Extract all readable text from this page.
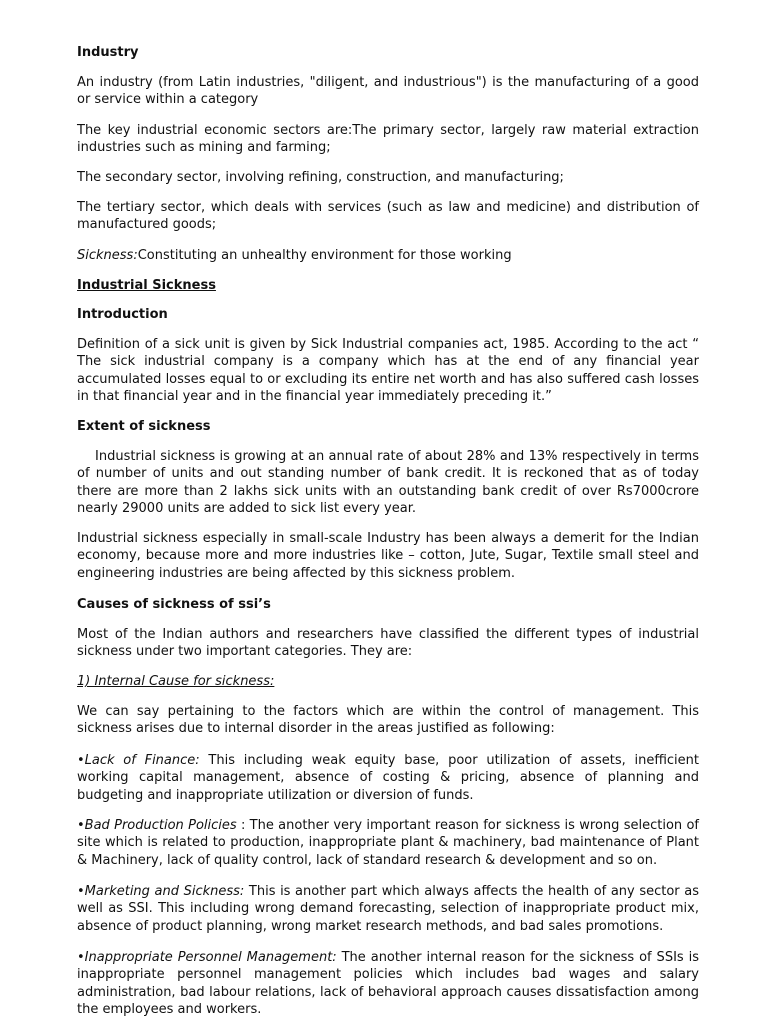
Industry

An industry (from Latin industries, "diligent, and industrious") is the manufacturing of a good or service within a category

The key industrial economic sectors are:The primary sector, largely raw material extraction industries such as mining and farming;

The secondary sector, involving refining, construction, and manufacturing;

The tertiary sector, which deals with services (such as law and medicine) and distribution of manufactured goods;

Sickness:Constituting an unhealthy environment for those working

Industrial Sickness

Introduction

Definition of a sick unit is given by Sick Industrial companies act, 1985. According to the act “ The sick industrial company is a company which has at the end of any financial year accumulated losses equal to or excluding its entire net worth and has also suffered cash losses in that financial year and in the financial year immediately preceding it.”

Extent of sickness

Industrial sickness is growing at an annual rate of about 28% and 13% respectively in terms of number of units and out standing number of bank credit. It is reckoned that as of today there are more than 2 lakhs sick units with an outstanding bank credit of over Rs7000crore nearly 29000 units are added to sick list every year.

Industrial sickness especially in small-scale Industry has been always a demerit for the Indian economy, because more and more industries like – cotton, Jute, Sugar, Textile small steel and engineering industries are being affected by this sickness problem.

Causes of sickness of ssi’s

Most of the Indian authors and researchers have classified the different types of industrial sickness under two important categories. They are:

1) Internal Cause for sickness:

We can say pertaining to the factors which are within the control of management. This sickness arises due to internal disorder in the areas justified as following:

•Lack of Finance: This including weak equity base, poor utilization of assets, inefficient working capital management, absence of costing & pricing, absence of planning and budgeting and inappropriate utilization or diversion of funds.

•Bad Production Policies : The another very important reason for sickness is wrong selection of site which is related to production, inappropriate plant & machinery, bad maintenance of Plant & Machinery, lack of quality control, lack of standard research & development and so on.

•Marketing and Sickness: This is another part which always affects the health of any sector as well as SSI. This including wrong demand forecasting, selection of inappropriate product mix, absence of product planning, wrong market research methods, and bad sales promotions.

•Inappropriate Personnel Management: The another internal reason for the sickness of SSIs is inappropriate personnel management policies which includes bad wages and salary administration, bad labour relations, lack of behavioral approach causes dissatisfaction among the employees and workers.
